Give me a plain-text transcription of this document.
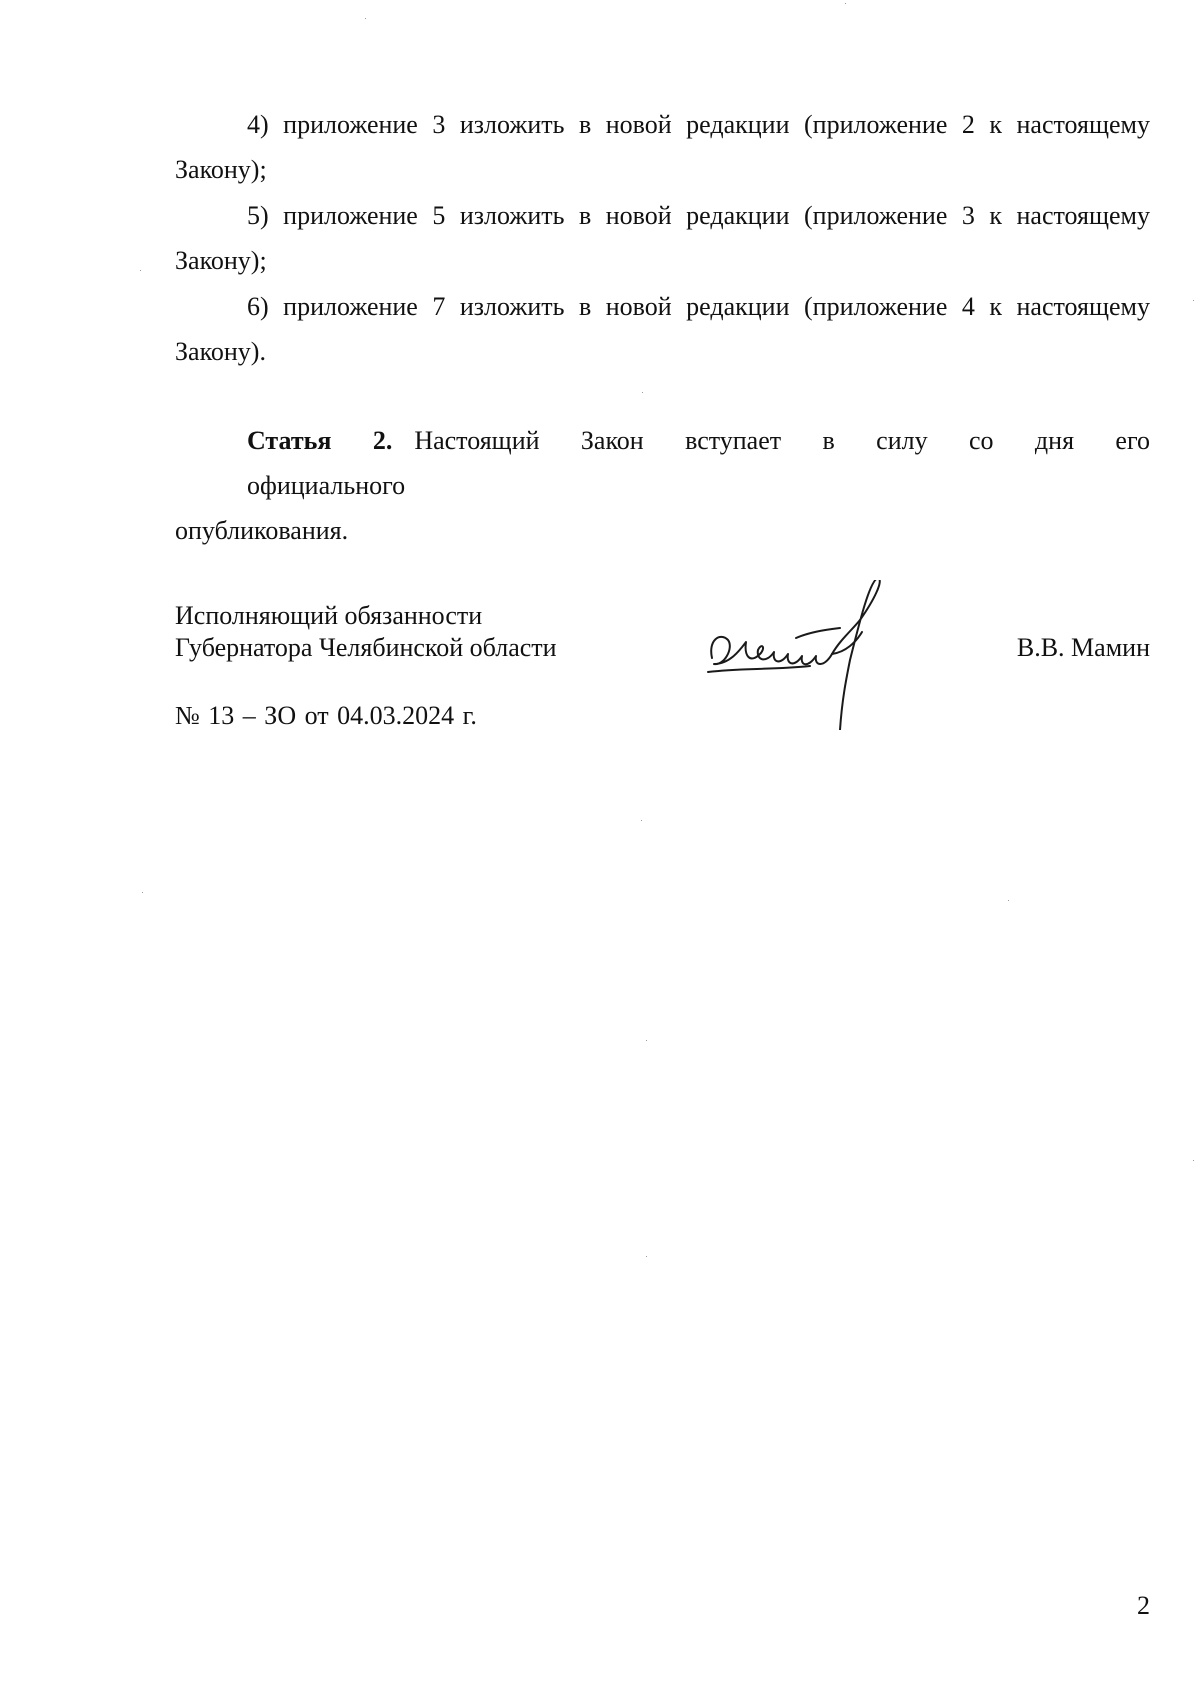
4) приложение 3 изложить в новой редакции (приложение 2 к настоящему
Закону);

5) приложение 5 изложить в новой редакции (приложение 3 к настоящему
Закону);

6) приложение 7 изложить в новой редакции (приложение 4 к настоящему
Закону).

Статья 2. Настоящий Закон вступает в силу со дня его официального
опубликования.

Исполняющий обязанности
Губернатора Челябинской области	В.В. Мамин
№ 13 – ЗО от 04.03.2024 г.
2
